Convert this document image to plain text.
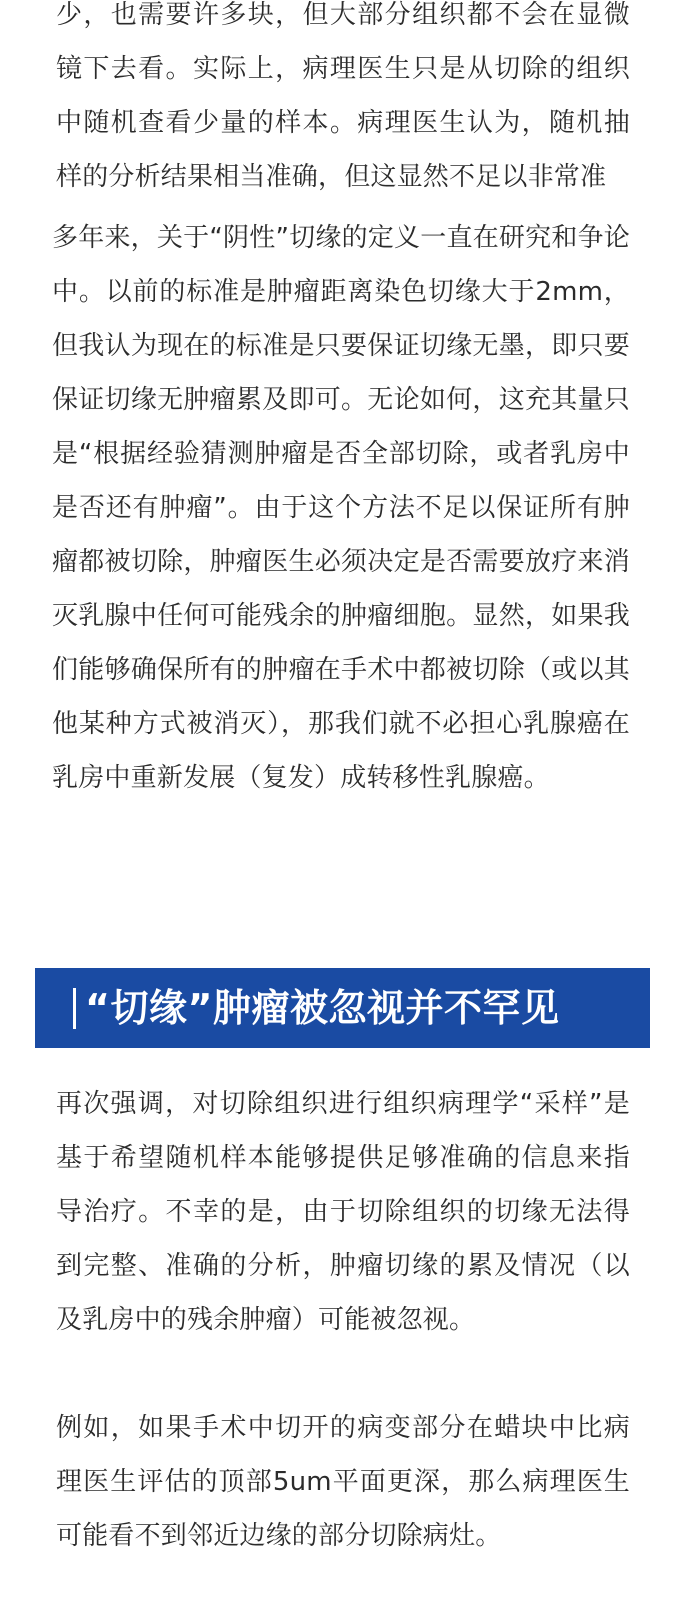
少，也需要许多块，但大部分组织都不会在显微镜下去看。实际上，病理医生只是从切除的组织中随机查看少量的样本。病理医生认为，随机抽样的分析结果相当准确，但这显然不足以非常准

多年来，关于“阴性”切缘的定义一直在研究和争论中。以前的标准是肿瘤距离染色切缘大于2mm，但我认为现在的标准是只要保证切缘无墨，即只要保证切缘无肿瘤累及即可。无论如何，这充其量只是“根据经验猜测肿瘤是否全部切除，或者乳房中是否还有肿瘤”。由于这个方法不足以保证所有肿瘤都被切除，肿瘤医生必须决定是否需要放疗来消灭乳腺中任何可能残余的肿瘤细胞。显然，如果我们能够确保所有的肿瘤在手术中都被切除（或以其他某种方式被消灭），那我们就不必担心乳腺癌在乳房中重新发展（复发）成转移性乳腺癌。

“切缘”肿瘤被忽视并不罕见

再次强调，对切除组织进行组织病理学“采样”是基于希望随机样本能够提供足够准确的信息来指导治疗。不幸的是，由于切除组织的切缘无法得到完整、准确的分析，肿瘤切缘的累及情况（以及乳房中的残余肿瘤）可能被忽视。

例如，如果手术中切开的病变部分在蜡块中比病理医生评估的顶部5um平面更深，那么病理医生可能看不到邻近边缘的部分切除病灶。
